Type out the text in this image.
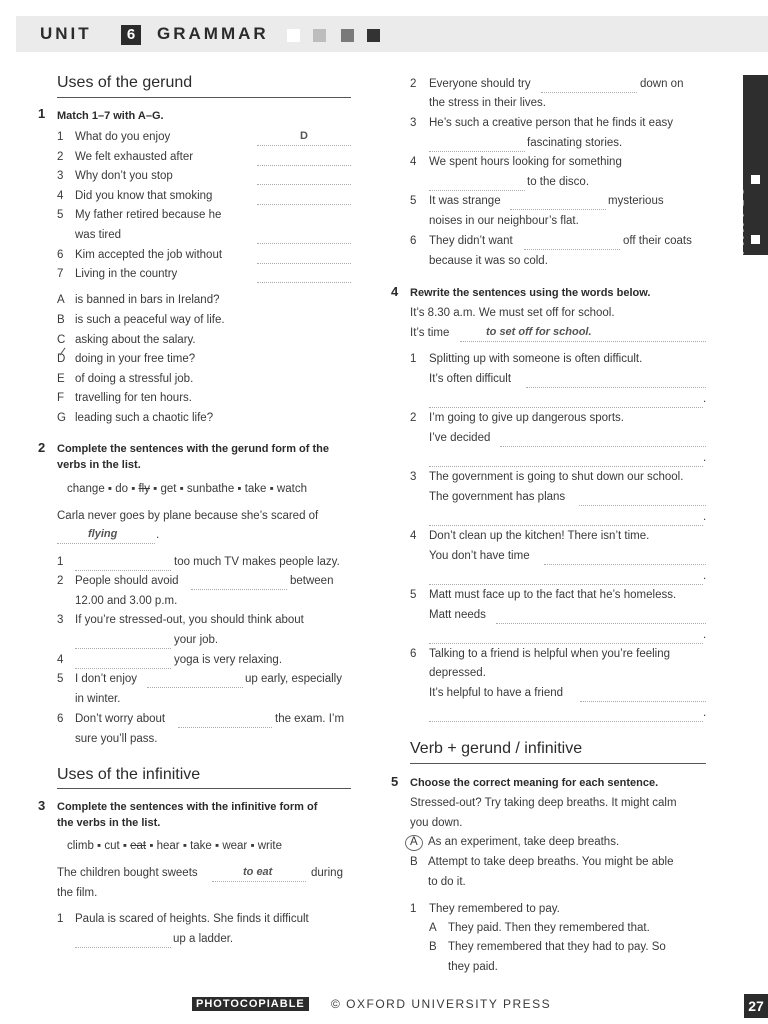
UNIT	6	GRAMMAR
GRAMMAR
Uses of the gerund
1 Match 1–7 with A–G.
1 What do you enjoy	D
2 We felt exhausted after
3 Why don’t you stop
4 Did you know that smoking
5 My father retired because he
was tired
6 Kim accepted the job without
7 Living in the country
A is banned in bars in Ireland?
B is such a peaceful way of life.
C asking about the salary.
D doing in your free time?
E of doing a stressful job.
F travelling for ten hours.
G leading such a chaotic life?
2 Complete the sentences with the gerund form of the
verbs in the list.
change ▪ do ▪ fly ▪ get ▪ sunbathe ▪ take ▪ watch
Carla never goes by plane because she’s scared of
flying	.
1	too much TV makes people lazy.
2 People should avoid	between
12.00 and 3.00 p.m.
3 If you’re stressed-out, you should think about
your job.
4	yoga is very relaxing.
5 I don’t enjoy	up early, especially
in winter.
6 Don’t worry about	the exam. I’m
sure you’ll pass.
Uses of the infinitive
3 Complete the sentences with the infinitive form of
the verbs in the list.
climb ▪ cut ▪ eat ▪ hear ▪ take ▪ wear ▪ write
The children bought sweets	to eat	during
the film.
1 Paula is scared of heights. She finds it difficult
up a ladder.
2 Everyone should try	down on
the stress in their lives.
3 He’s such a creative person that he finds it easy
fascinating stories.
4 We spent hours looking for something
to the disco.
5 It was strange	mysterious
noises in our neighbour’s flat.
6 They didn’t want	off their coats
because it was so cold.
4 Rewrite the sentences using the words below.
It’s 8.30 a.m. We must set off for school.
It’s time	to set off for school.
1 Splitting up with someone is often difficult.
It’s often difficult
.
2 I’m going to give up dangerous sports.
I’ve decided
.
3 The government is going to shut down our school.
The government has plans
.
4 Don’t clean up the kitchen! There isn’t time.
You don’t have time
.
5 Matt must face up to the fact that he’s homeless.
Matt needs
.
6 Talking to a friend is helpful when you’re feeling
depressed.
It’s helpful to have a friend
.
Verb + gerund / infinitive
5 Choose the correct meaning for each sentence.
Stressed-out? Try taking deep breaths. It might calm
you down.
A As an experiment, take deep breaths.
B Attempt to take deep breaths. You might be able
to do it.
1 They remembered to pay.
A They paid. Then they remembered that.
B They remembered that they had to pay. So
they paid.
PHOTOCOPIABLE	© OXFORD UNIVERSITY PRESS	27
